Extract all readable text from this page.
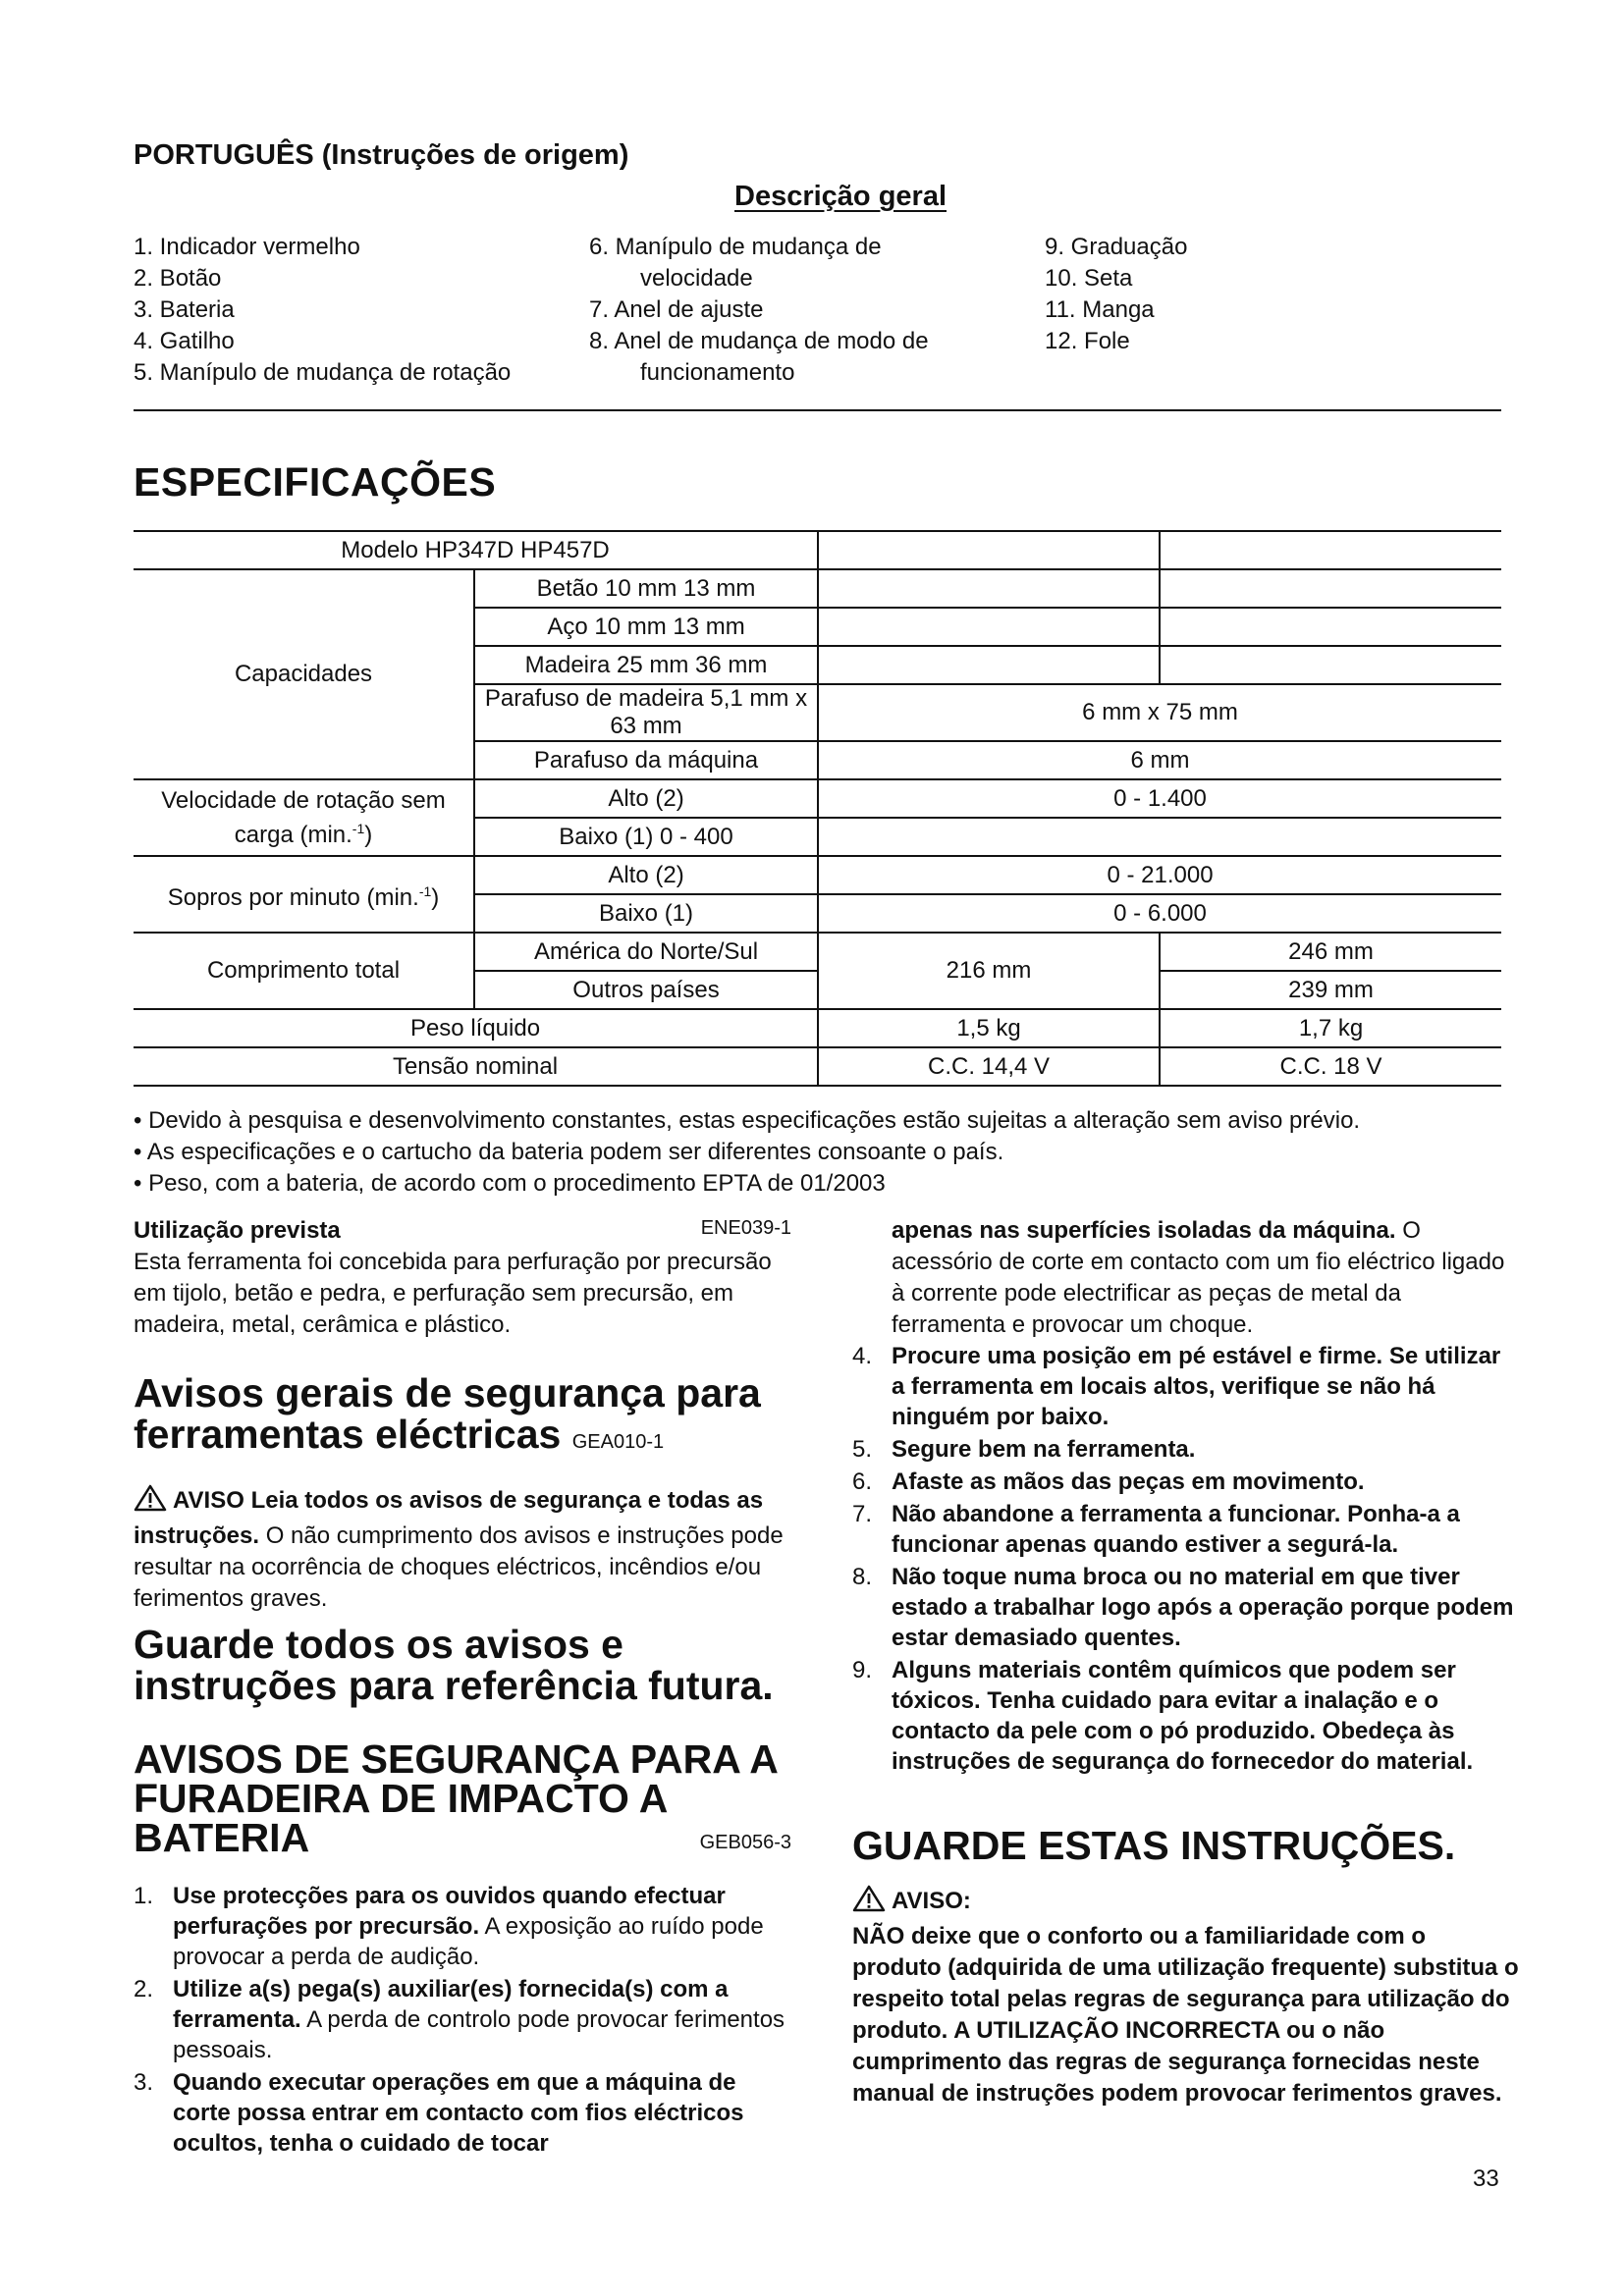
PORTUGUÊS (Instruções de origem)
Descrição geral
1. Indicador vermelho
2. Botão
3. Bateria
4. Gatilho
5. Manípulo de mudança de rotação
6. Manípulo de mudança de
velocidade
7. Anel de ajuste
8. Anel de mudança de modo de
funcionamento
9. Graduação
10. Seta
11. Manga
12. Fole
ESPECIFICAÇÕES
Modelo HP347D HP457D			
Capacidades	Betão 10 mm 13 mm		
	Aço 10 mm 13 mm		
	Madeira 25 mm 36 mm		
	Parafuso de madeira 5,1 mm x 63 mm	6 mm x 75 mm	
	Parafuso da máquina	6 mm	
Velocidade de rotação sem
carga (min.$^{-1}$)	Alto (2)	0 - 1.400	
	Baixo (1) 0 - 400		
Sopros por minuto (min.$^{-1}$)	Alto (2)	0 - 21.000	
	Baixo (1)	0 - 6.000	
Comprimento total	América do Norte/Sul	216 mm	246 mm
	Outros países		239 mm
Peso líquido		1,5 kg	1,7 kg
Tensão nominal		C.C. 14,4 V	C.C. 18 V
• Devido à pesquisa e desenvolvimento constantes, estas especificações estão sujeitas a alteração sem aviso prévio.
• As especificações e o cartucho da bateria podem ser diferentes consoante o país.
• Peso, com a bateria, de acordo com o procedimento EPTA de 01/2003
Utilização prevista	ENE039-1
Esta ferramenta foi concebida para perfuração por precursão em tijolo, betão e pedra, e perfuração sem precursão, em madeira, metal, cerâmica e plástico.
Avisos gerais de segurança para ferramentas eléctricas GEA010-1
AVISO Leia todos os avisos de segurança e todas as instruções. O não cumprimento dos avisos e instruções pode resultar na ocorrência de choques eléctricos, incêndios e/ou ferimentos graves.
Guarde todos os avisos e instruções para referência futura.
AVISOS DE SEGURANÇA PARA A
FURADEIRA DE IMPACTO A
BATERIA	GEB056-3
1. Use protecções para os ouvidos quando efectuar perfurações por precursão. A exposição ao ruído pode provocar a perda de audição.
2. Utilize a(s) pega(s) auxiliar(es) fornecida(s) com a ferramenta. A perda de controlo pode provocar ferimentos pessoais.
3. Quando executar operações em que a máquina de corte possa entrar em contacto com fios eléctricos ocultos, tenha o cuidado de tocar
apenas nas superfícies isoladas da máquina. O acessório de corte em contacto com um fio eléctrico ligado à corrente pode electrificar as peças de metal da ferramenta e provocar um choque.
4. Procure uma posição em pé estável e firme. Se utilizar a ferramenta em locais altos, verifique se não há ninguém por baixo.
5. Segure bem na ferramenta.
6. Afaste as mãos das peças em movimento.
7. Não abandone a ferramenta a funcionar. Ponha-a a funcionar apenas quando estiver a segurá-la.
8. Não toque numa broca ou no material em que tiver estado a trabalhar logo após a operação porque podem estar demasiado quentes.
9. Alguns materiais contêm químicos que podem ser tóxicos. Tenha cuidado para evitar a inalação e o contacto da pele com o pó produzido. Obedeça às instruções de segurança do fornecedor do material.
GUARDE ESTAS INSTRUÇÕES.
AVISO:
NÃO deixe que o conforto ou a familiaridade com o produto (adquirida de uma utilização frequente) substitua o respeito total pelas regras de segurança para utilização do produto. A UTILIZAÇÃO INCORRECTA ou o não cumprimento das regras de segurança fornecidas neste manual de instruções podem provocar ferimentos graves.
33
